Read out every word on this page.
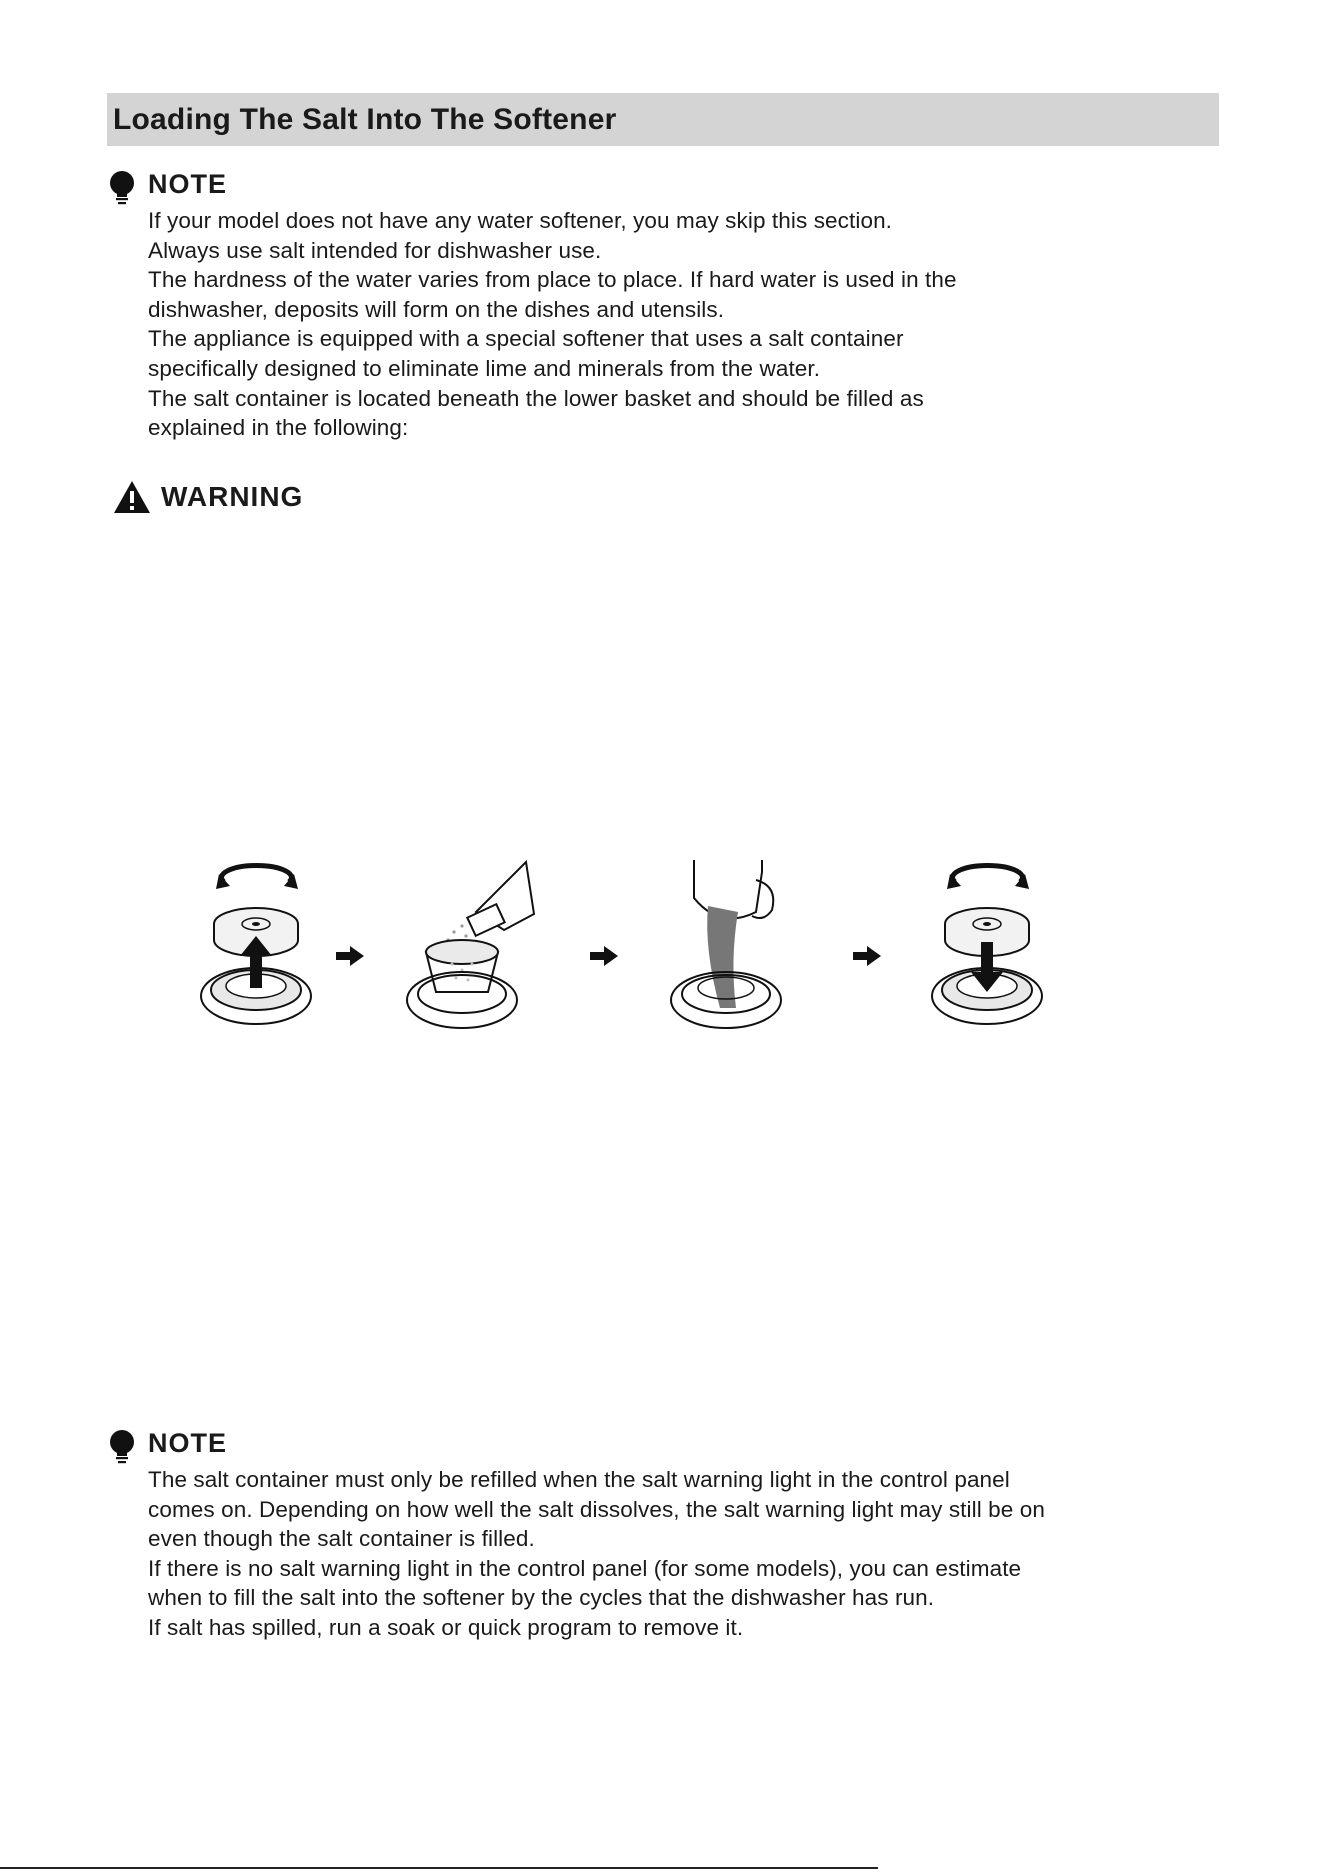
Loading The Salt Into The Softener
NOTE
If your model does not have any water softener, you may skip this section.
Always use salt intended for dishwasher use.
The hardness of the water varies from place to place. If hard water is used in the
dishwasher, deposits will form on the dishes and utensils.
The appliance is equipped with a special softener that uses a salt container
specifically designed to eliminate lime and minerals from the water.
The salt container is located beneath the lower basket and should be filled as
explained in the following:
WARNING
NOTE
The salt container must only be refilled when the salt warning light in the control panel
comes on. Depending on how well the salt dissolves, the salt warning light may still be on
even though the salt container is filled.
If there is no salt warning light in the control panel (for some models), you can estimate
when to fill the salt into the softener by the cycles that the dishwasher has run.
If salt has spilled, run a soak or quick program to remove it.
